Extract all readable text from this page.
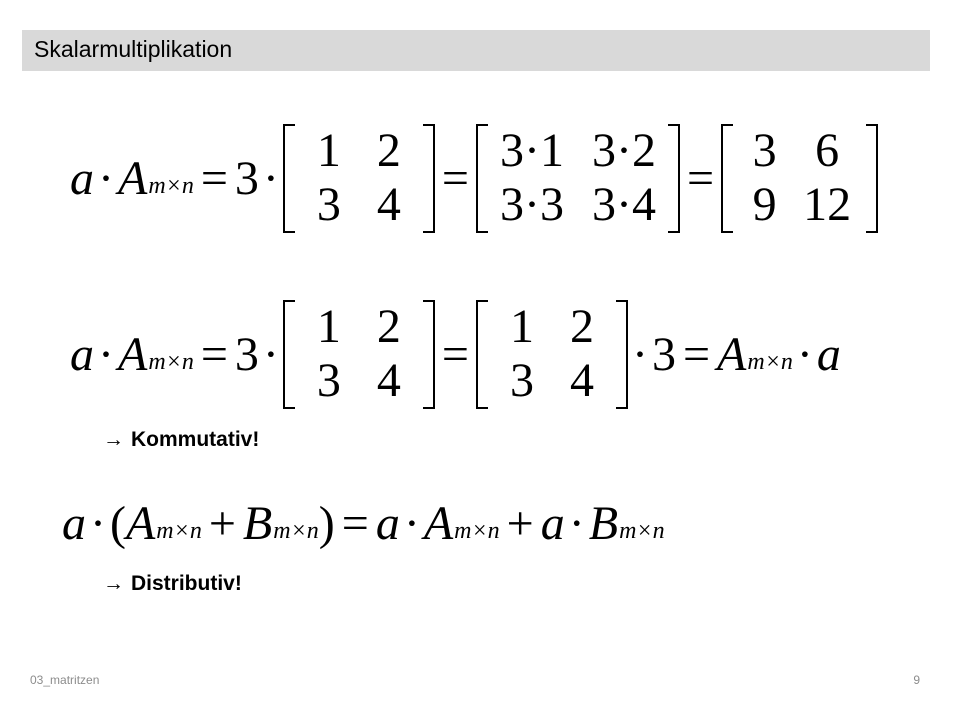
Skalarmultiplikation
a · A m×n = 3 ·
1 2
3 4 =
3·1 3·2
3·3 3·4 =
3 6
9 12
a · A m×n = 3 ·
1 2
3 4 =
1 2
3 4 · 3 = A m×n · a
→ Kommutativ!
a · ( A m×n + B m×n ) = a · A m×n + a · B m×n
→ Distributiv!
03_matritzen	9
